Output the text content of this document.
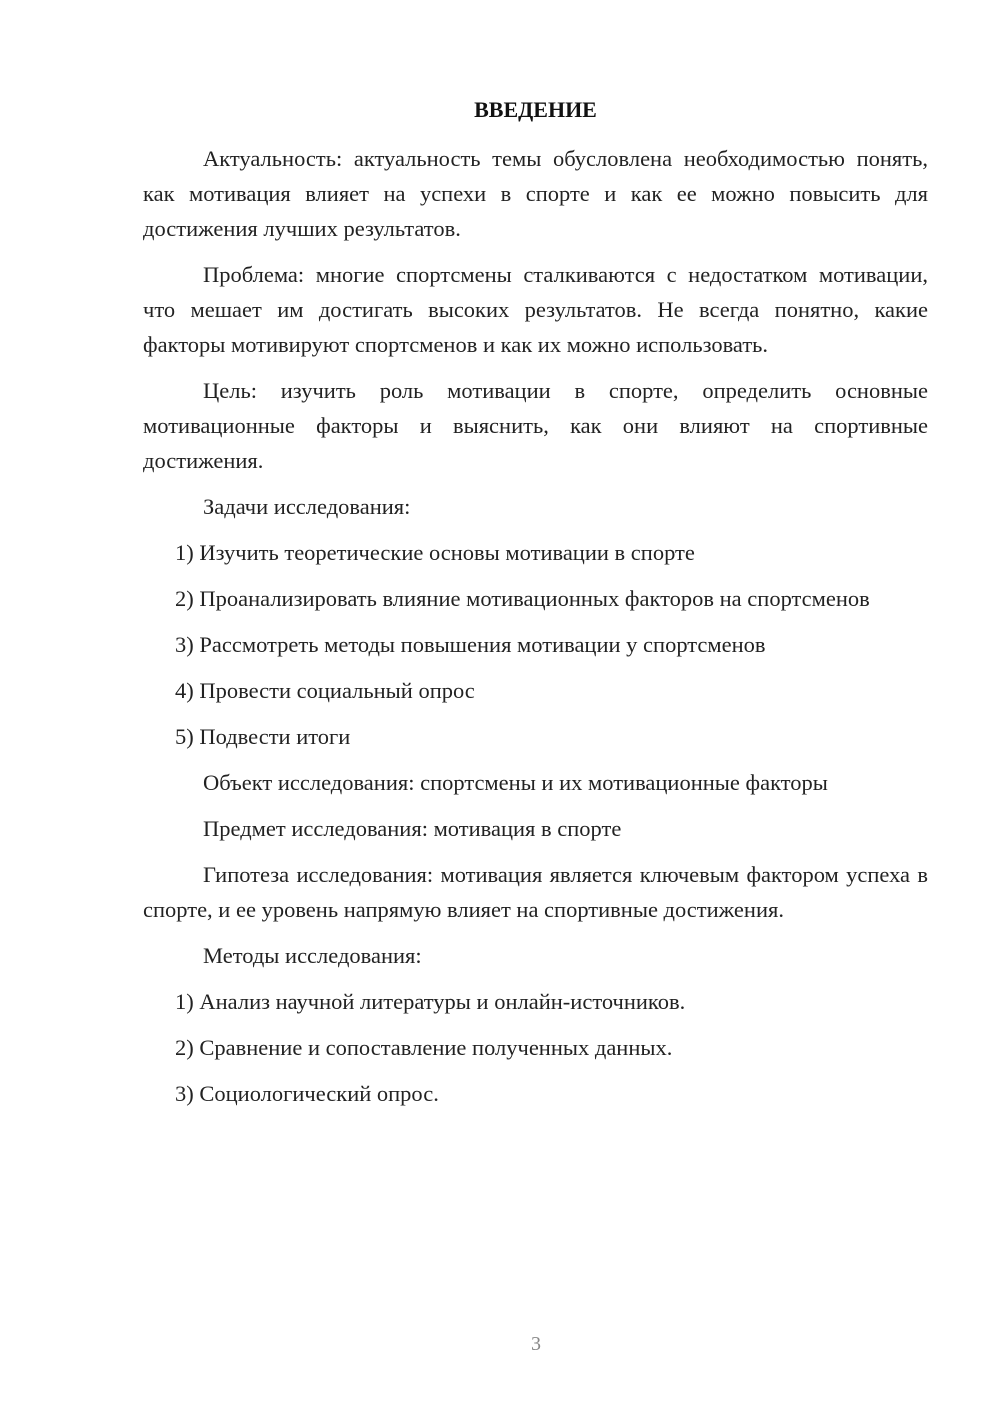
ВВЕДЕНИЕ

Актуальность: актуальность темы обусловлена необходимостью понять, как мотивация влияет на успехи в спорте и как ее можно повысить для достижения лучших результатов.

Проблема: многие спортсмены сталкиваются с недостатком мотивации, что мешает им достигать высоких результатов. Не всегда понятно, какие факторы мотивируют спортсменов и как их можно использовать.

Цель: изучить роль мотивации в спорте, определить основные мотивационные факторы и выяснить, как они влияют на спортивные достижения.

Задачи исследования:

1) Изучить теоретические основы мотивации в спорте

2) Проанализировать влияние мотивационных факторов на спортсменов

3) Рассмотреть методы повышения мотивации у спортсменов

4) Провести социальный опрос

5) Подвести итоги

Объект исследования: спортсмены и их мотивационные факторы

Предмет исследования: мотивация в спорте

Гипотеза исследования: мотивация является ключевым фактором успеха в спорте, и ее уровень напрямую влияет на спортивные достижения.

Методы исследования:

1) Анализ научной литературы и онлайн-источников.

2) Сравнение и сопоставление полученных данных.

3) Социологический опрос.

3
